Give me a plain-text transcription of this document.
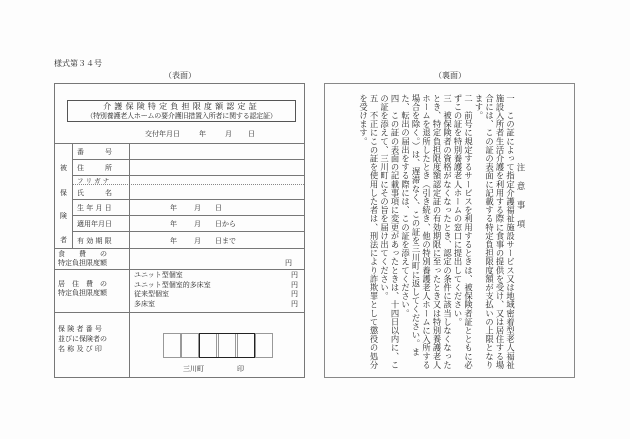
様式第３４号
（表面）	（裏面）
介護保険特定負担限度額認定証
（特別養護老人ホームの要介護旧措置入所者に関する認定証）
交付年月日	年	月 日
被
保
険
者
番　　　号
住　　　所
フ リ ガ ナ
氏　　　名
生 年 月 日	年 月 日
適用年月日	年 月 日から
有 効 期 限	年 月 日まで
食　　費　　の
特定負担限度額	円
居　住　費　の
特定負担限度額
ユニット型個室	円
ユニット型個室的多床室	円
従来型個室	円
多床室	円
保 険 者 番 号
並びに保険者の
名 称 及 び 印
三川町	印

注 意 事 項

一　この証によって指定介護福祉施設サービス又は地域密着型老人福祉施設入所者生活介護を利用する際に食事の提供を受け、又は居住する場合には、この証の表面に記載する特定負担限度額が支払いの上限となります。

二　前号に規定するサービスを利用するときは、被保険者証とともに必ずこの証を特別養護老人ホームの窓口に提出してください。

三　被保険者の資格がなくなったとき、認定の条件に該当しなくなったとき、特定負担限度額認定証の有効期限に至ったとき又は特別養護老人ホームを退所したとき（引き続き、他の特別養護老人ホームに入所する場合を除く。）は、遅滞なく、この証を三川町に返してください。また、転出の届出をする際には、この証を添えてください。

四　この証の表面の記載事項に変更があったときは、十四日以内に、この証を添えて、三川町にその旨を届け出てください。

五　不正にこの証を使用した者は、刑法により詐欺罪として懲役の処分を受けます。
